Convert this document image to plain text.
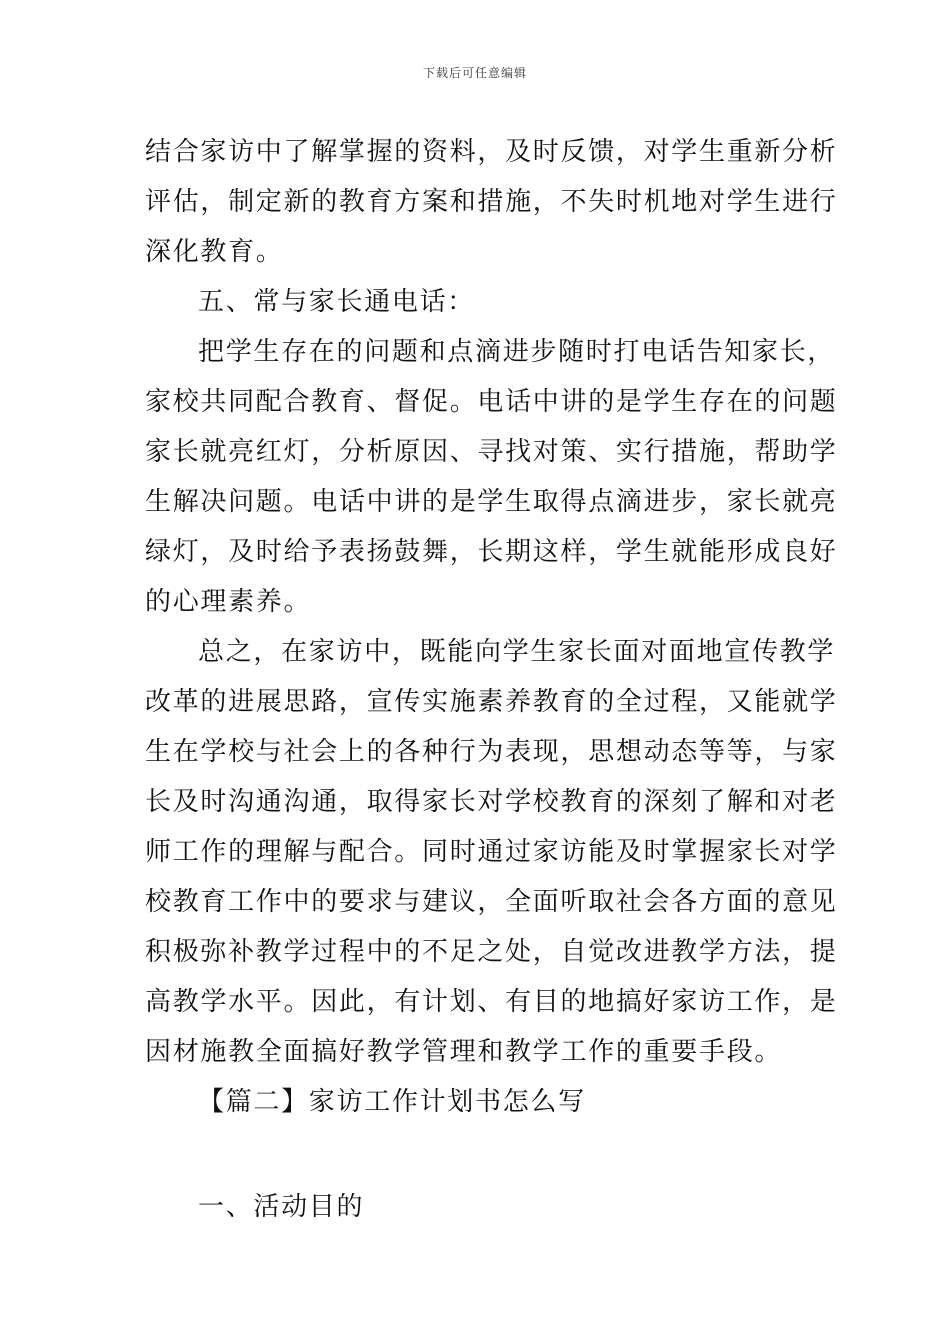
下载后可任意编辑
结合家访中了解掌握的资料，及时反馈，对学生重新分析
评估，制定新的教育方案和措施，不失时机地对学生进行
深化教育。
五、常与家长通电话：
把学生存在的问题和点滴进步随时打电话告知家长，
家校共同配合教育、督促。电话中讲的是学生存在的问题
家长就亮红灯，分析原因、寻找对策、实行措施，帮助学
生解决问题。电话中讲的是学生取得点滴进步，家长就亮
绿灯，及时给予表扬鼓舞，长期这样，学生就能形成良好
的心理素养。
总之，在家访中，既能向学生家长面对面地宣传教学
改革的进展思路，宣传实施素养教育的全过程，又能就学
生在学校与社会上的各种行为表现，思想动态等等，与家
长及时沟通沟通，取得家长对学校教育的深刻了解和对老
师工作的理解与配合。同时通过家访能及时掌握家长对学
校教育工作中的要求与建议，全面听取社会各方面的意见
积极弥补教学过程中的不足之处，自觉改进教学方法，提
高教学水平。因此，有计划、有目的地搞好家访工作，是
因材施教全面搞好教学管理和教学工作的重要手段。
【篇二】家访工作计划书怎么写
一、活动目的
